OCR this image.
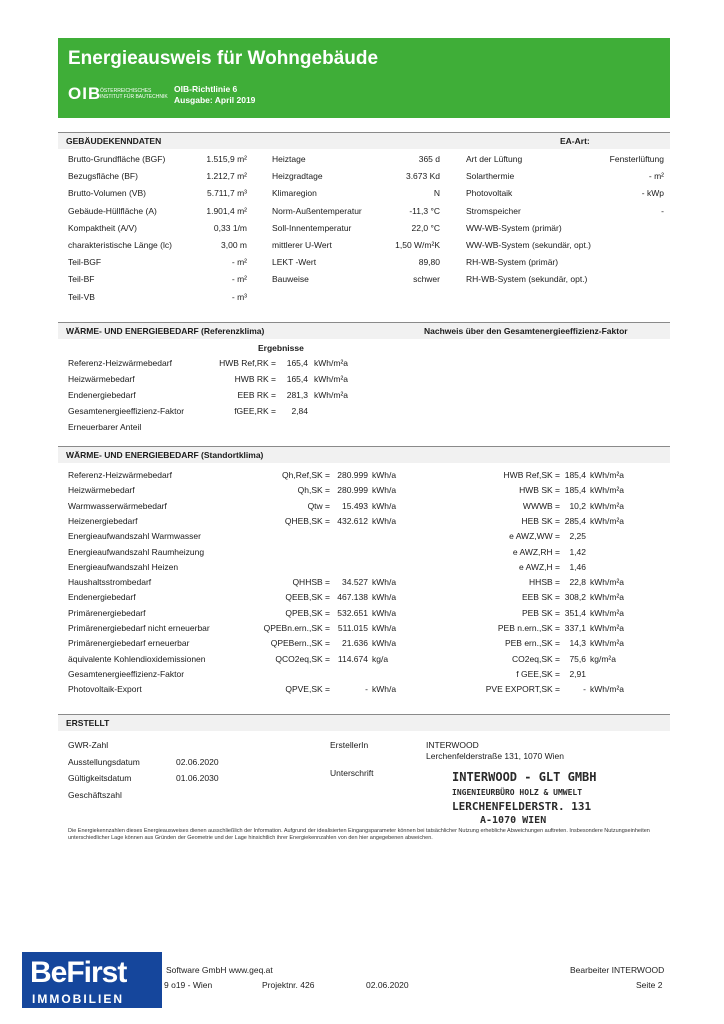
Energieausweis für Wohngebäude
OIB
ÖSTERREICHISCHES
INSTITUT FÜR BAUTECHNIK
OIB-Richtlinie 6
Ausgabe: April 2019
GEBÄUDEKENNDATEN	EA-Art:
Brutto-Grundfläche (BGF)	1.515,9 m²
Bezugsfläche (BF)	1.212,7 m²
Brutto-Volumen (VB)	5.711,7 m³
Gebäude-Hüllfläche (A)	1.901,4 m²
Kompaktheit (A/V)	0,33 1/m
charakteristische Länge (lc)	3,00 m
Teil-BGF	- m²
Teil-BF	- m²
Teil-VB	- m³
Heiztage	365 d
Heizgradtage	3.673 Kd
Klimaregion	N
Norm-Außentemperatur	-11,3 °C
Soll-Innentemperatur	22,0 °C
mittlerer U-Wert	1,50 W/m²K
LEKT -Wert	89,80
Bauweise	schwer
Art der Lüftung	Fensterlüftung
Solarthermie	- m²
Photovoltaik	- kWp
Stromspeicher	-
WW-WB-System (primär)
WW-WB-System (sekundär, opt.)
RH-WB-System (primär)
RH-WB-System (sekundär, opt.)
WÄRME- UND ENERGIEBEDARF (Referenzklima)	Nachweis über den Gesamtenergieeffizienz-Faktor
Ergebnisse
Referenz-Heizwärmebedarf	HWB Ref,RK =	165,4 kWh/m²a
Heizwärmebedarf	HWB RK =	165,4 kWh/m²a
Endenergiebedarf	EEB RK =	281,3 kWh/m²a
Gesamtenergieeffizienz-Faktor	fGEE,RK =	2,84
Erneuerbarer Anteil
WÄRME- UND ENERGIEBEDARF (Standortklima)
Referenz-Heizwärmebedarf	Qh,Ref,SK = 280.999 kWh/a	HWB Ref,SK = 185,4 kWh/m²a
Heizwärmebedarf	Qh,SK = 280.999 kWh/a	HWB SK = 185,4 kWh/m²a
Warmwasserwärmebedarf	Qtw =	15.493 kWh/a	WWWB =	10,2 kWh/m²a
Heizenergiebedarf	QHEB,SK = 432.612 kWh/a	HEB SK = 285,4 kWh/m²a
Energieaufwandszahl Warmwasser	e AWZ,WW =	2,25
Energieaufwandszahl Raumheizung	e AWZ,RH =	1,42
Energieaufwandszahl Heizen	e AWZ,H =	1,46
Haushaltsstrombedarf	QHHSB =	34.527 kWh/a	HHSB =	22,8 kWh/m²a
Endenergiebedarf	QEEB,SK = 467.138 kWh/a	EEB SK = 308,2 kWh/m²a
Primärenergiebedarf	QPEB,SK = 532.651 kWh/a	PEB SK = 351,4 kWh/m²a
Primärenergiebedarf nicht erneuerbar	QPEBn.ern.,SK = 511.015 kWh/a	PEB n.ern.,SK = 337,1 kWh/m²a
Primärenergiebedarf erneuerbar	QPEBern.,SK =	21.636 kWh/a	PEB ern.,SK =	14,3 kWh/m²a
äquivalente Kohlendioxidemissionen	QCO2eq,SK = 114.674 kg/a	CO2eq,SK =	75,6 kg/m²a
Gesamtenergieeffizienz-Faktor	f GEE,SK =	2,91
Photovoltaik-Export	QPVE,SK =	- kWh/a	PVE EXPORT,SK =	- kWh/m²a
ERSTELLT
GWR-Zahl
Ausstellungsdatum	02.06.2020
Gültigkeitsdatum	01.06.2030
Geschäftszahl
ErstellerIn	INTERWOOD
Lerchenfelderstraße 131, 1070 Wien
Unterschrift	INTERWOOD - GLT GMBH
INGENIEURBÜRO HOLZ & UMWELT
LERCHENFELDERSTR. 131
A-1070 WIEN
Die Energiekennzahlen dieses Energieausweises dienen ausschließlich der Information. Aufgrund der idealisierten Eingangsparameter können bei tatsächlicher Nutzung erhebliche Abweichungen auftreten. Insbesondere Nutzungseinheiten unterschiedlicher Lage können aus Gründen der Geometrie und der Lage hinsichtlich ihrer Energiekennzahlen von den hier angegebenen abweichen.
BeFirst
IMMOBILIEN
Software GmbH www.geq.at
9 o19 - Wien	Projektnr. 426	02.06.2020
Bearbeiter INTERWOOD
Seite 2
